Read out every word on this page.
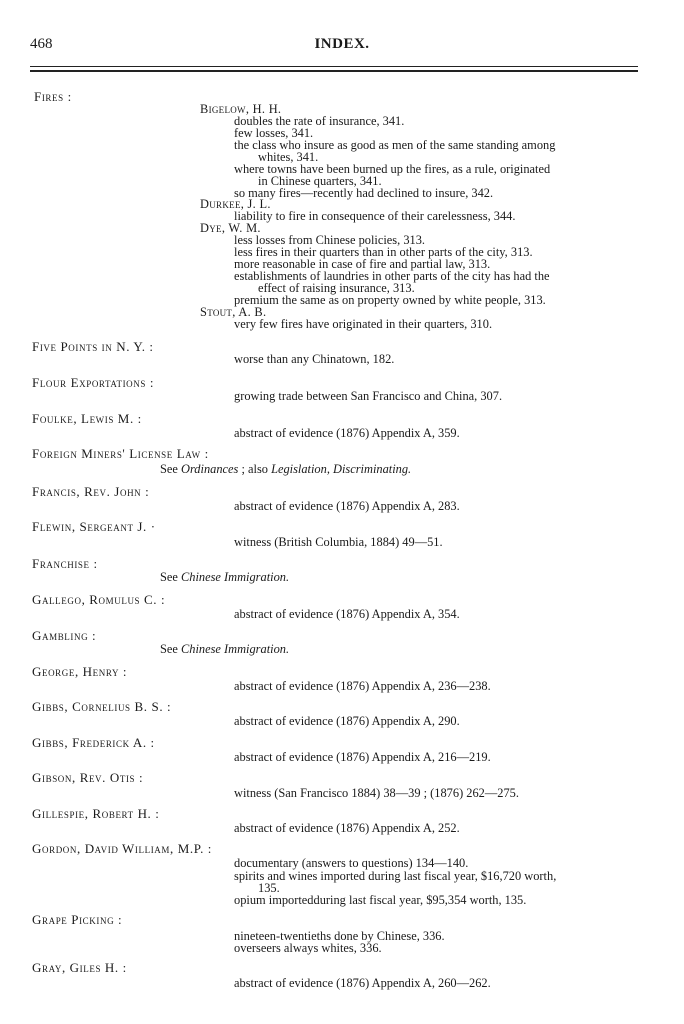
468	INDEX.
Fires :
Bigelow, H. H.
doubles the rate of insurance, 341.
few losses, 341.
the class who insure as good as men of the same standing among
whites, 341.
where towns have been burned up the fires, as a rule, originated
in Chinese quarters, 341.
so many fires—recently had declined to insure, 342.
Durkee, J. L.
liability to fire in consequence of their carelessness, 344.
Dye, W. M.
less losses from Chinese policies, 313.
less fires in their quarters than in other parts of the city, 313.
more reasonable in case of fire and partial law, 313.
establishments of laundries in other parts of the city has had the
effect of raising insurance, 313.
premium the same as on property owned by white people, 313.
Stout, A. B.
very few fires have originated in their quarters, 310.
Five Points in N. Y. :
worse than any Chinatown, 182.
Flour Exportations :
growing trade between San Francisco and China, 307.
Foulke, Lewis M. :
abstract of evidence (1876) Appendix A, 359.
Foreign Miners' License Law :
See Ordinances ; also Legislation, Discriminating.
Francis, Rev. John :
abstract of evidence (1876) Appendix A, 283.
Flewin, Sergeant J. ·
witness (British Columbia, 1884) 49—51.
Franchise :
See Chinese Immigration.
Gallego, Romulus C. :
abstract of evidence (1876) Appendix A, 354.
Gambling :
See Chinese Immigration.
George, Henry :
abstract of evidence (1876) Appendix A, 236—238.
Gibbs, Cornelius B. S. :
abstract of evidence (1876) Appendix A, 290.
Gibbs, Frederick A. :
abstract of evidence (1876) Appendix A, 216—219.
Gibson, Rev. Otis :
witness (San Francisco 1884) 38—39 ; (1876) 262—275.
Gillespie, Robert H. :
abstract of evidence (1876) Appendix A, 252.
Gordon, David William, M.P. :
documentary (answers to questions) 134—140.
spirits and wines imported during last fiscal year, $16,720 worth,
135.
opium importedduring last fiscal year, $95,354 worth, 135.
Grape Picking :
nineteen-twentieths done by Chinese, 336.
overseers always whites, 336.
Gray, Giles H. :
abstract of evidence (1876) Appendix A, 260—262.
